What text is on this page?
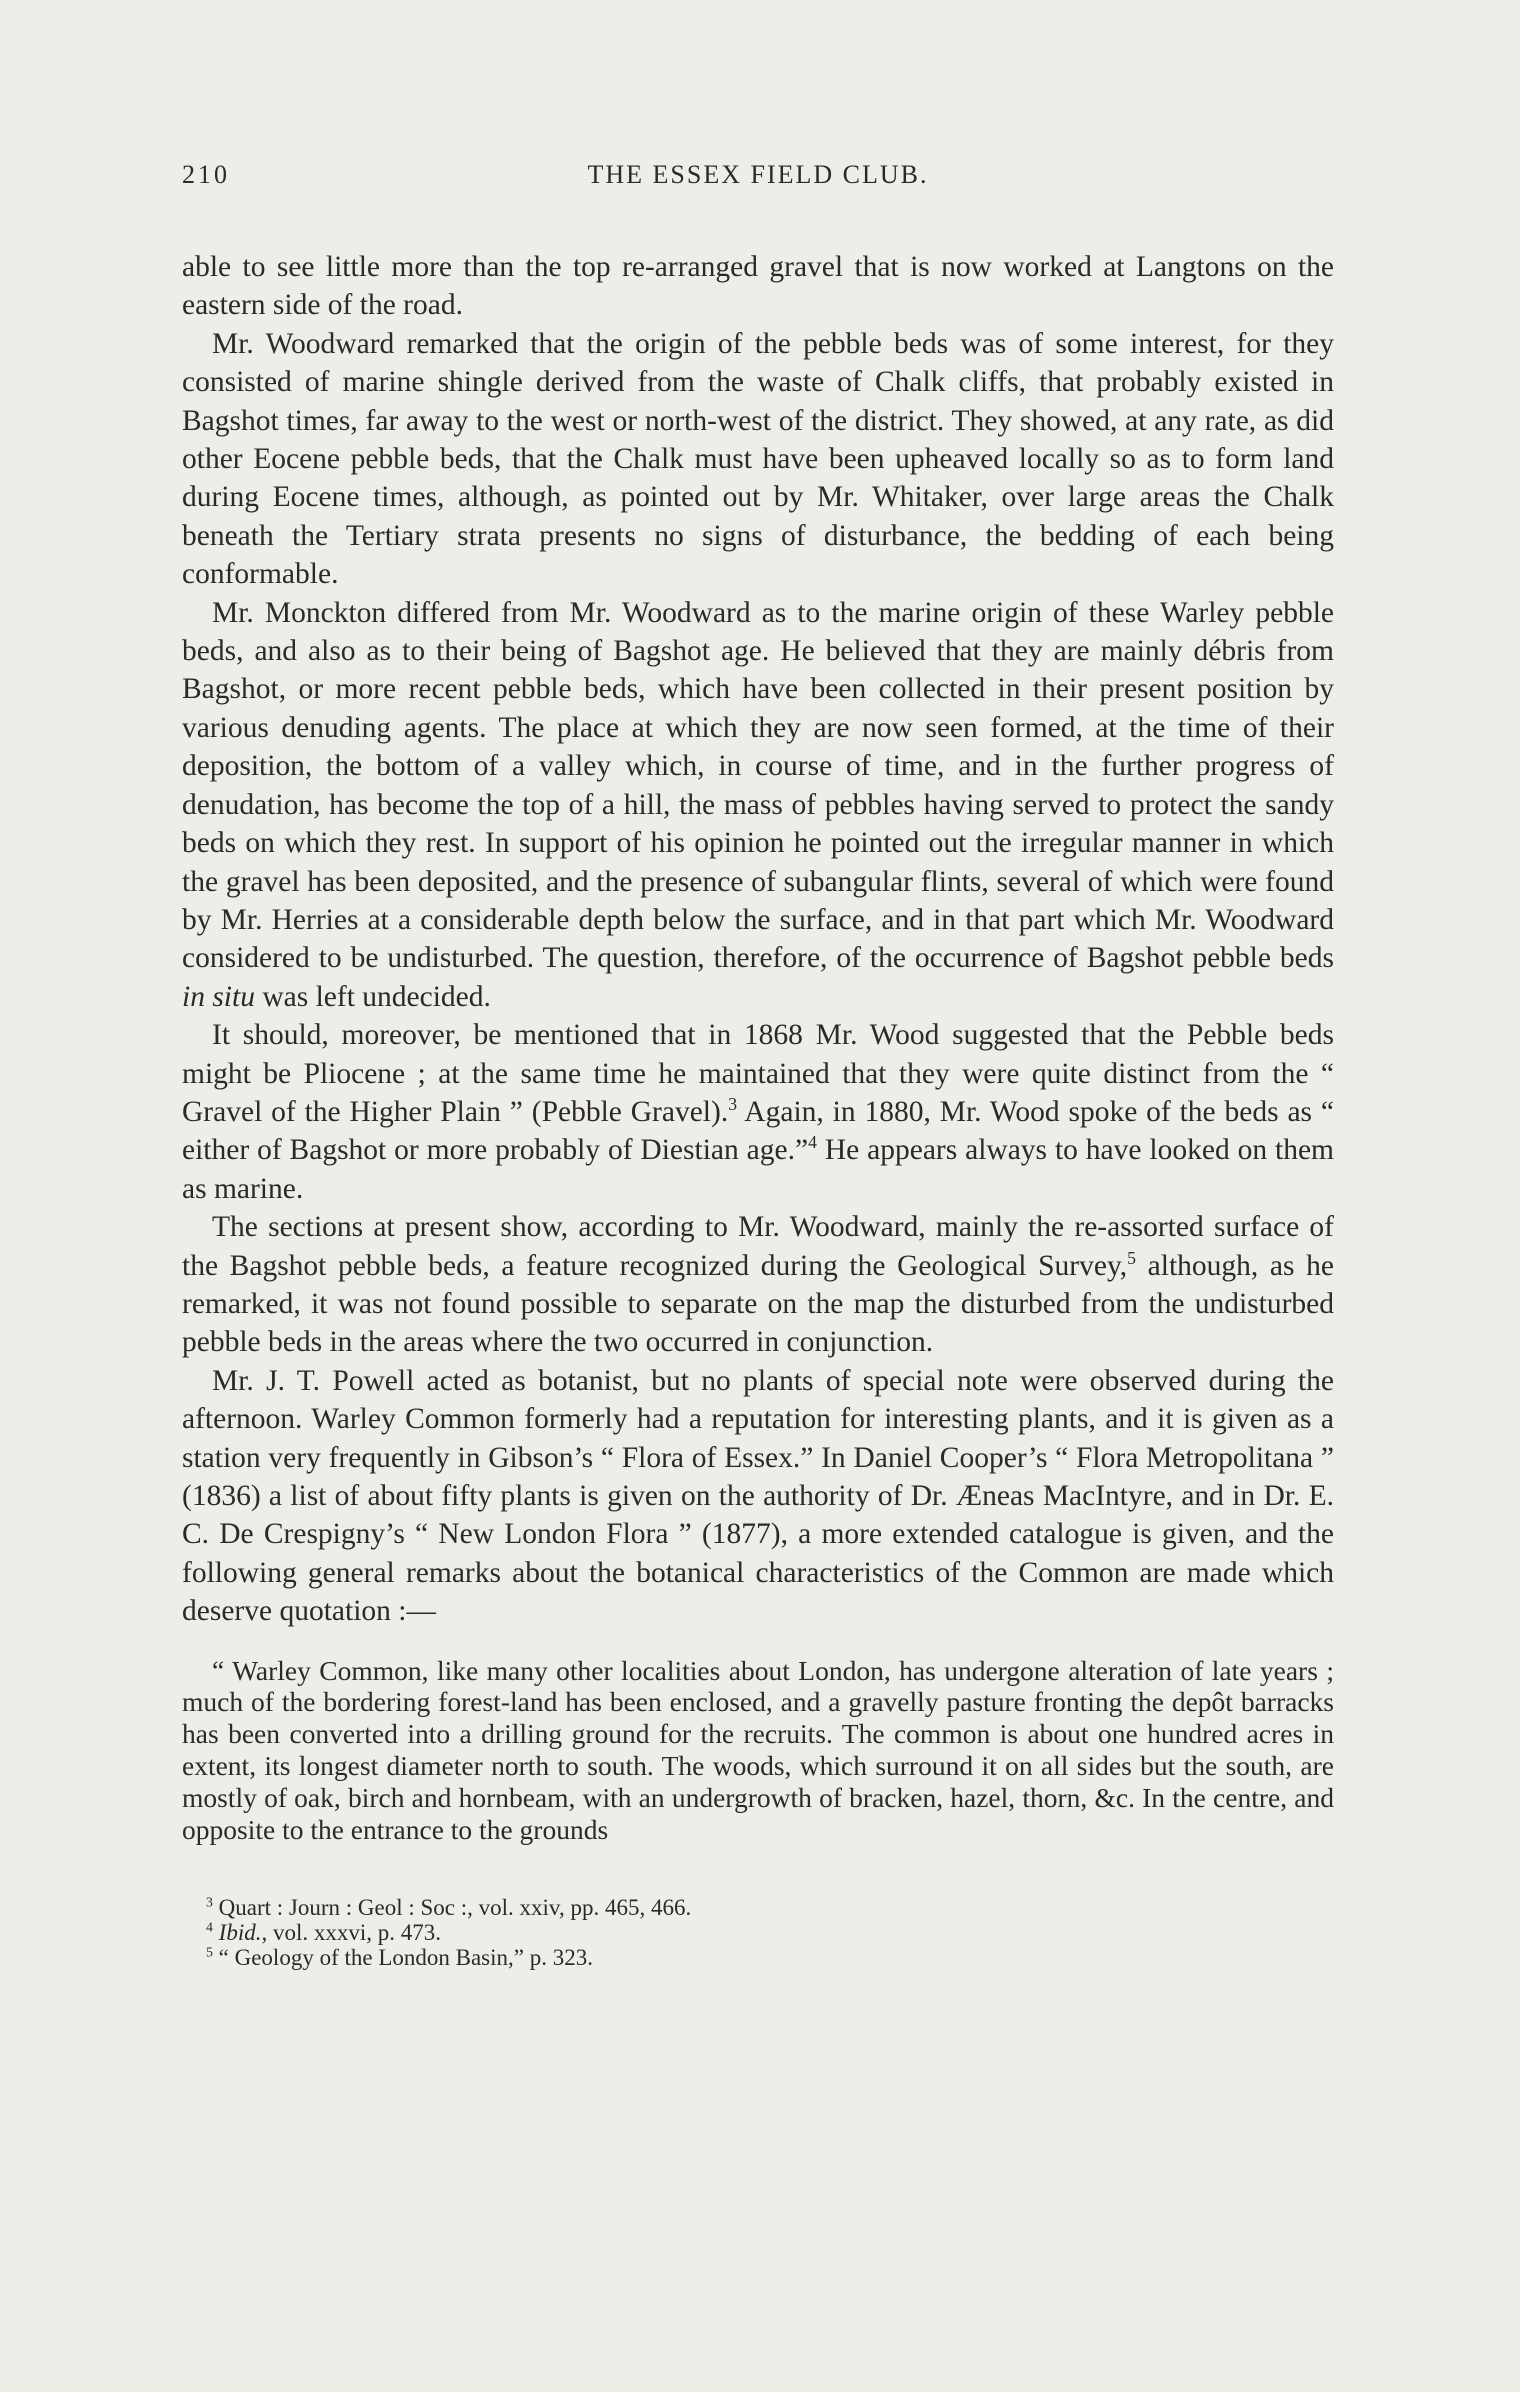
210	THE ESSEX FIELD CLUB.

able to see little more than the top re-arranged gravel that is now worked at Langtons on the eastern side of the road.

Mr. Woodward remarked that the origin of the pebble beds was of some interest, for they consisted of marine shingle derived from the waste of Chalk cliffs, that probably existed in Bagshot times, far away to the west or north-west of the district. They showed, at any rate, as did other Eocene pebble beds, that the Chalk must have been upheaved locally so as to form land during Eocene times, although, as pointed out by Mr. Whitaker, over large areas the Chalk beneath the Tertiary strata presents no signs of disturbance, the bedding of each being conformable.

Mr. Monckton differed from Mr. Woodward as to the marine origin of these Warley pebble beds, and also as to their being of Bagshot age. He believed that they are mainly débris from Bagshot, or more recent pebble beds, which have been collected in their present position by various denuding agents. The place at which they are now seen formed, at the time of their deposition, the bottom of a valley which, in course of time, and in the further progress of denudation, has become the top of a hill, the mass of pebbles having served to protect the sandy beds on which they rest. In support of his opinion he pointed out the irregular manner in which the gravel has been deposited, and the presence of subangular flints, several of which were found by Mr. Herries at a considerable depth below the surface, and in that part which Mr. Woodward considered to be undisturbed. The question, therefore, of the occurrence of Bagshot pebble beds in situ was left undecided.

It should, moreover, be mentioned that in 1868 Mr. Wood suggested that the Pebble beds might be Pliocene ; at the same time he maintained that they were quite distinct from the “ Gravel of the Higher Plain ” (Pebble Gravel).$^3$ Again, in 1880, Mr. Wood spoke of the beds as “ either of Bagshot or more probably of Diestian age.”$^4$ He appears always to have looked on them as marine.

The sections at present show, according to Mr. Woodward, mainly the re-assorted surface of the Bagshot pebble beds, a feature recognized during the Geological Survey,$^5$ although, as he remarked, it was not found possible to separate on the map the disturbed from the undisturbed pebble beds in the areas where the two occurred in conjunction.

Mr. J. T. Powell acted as botanist, but no plants of special note were observed during the afternoon. Warley Common formerly had a reputation for interesting plants, and it is given as a station very frequently in Gibson’s “ Flora of Essex.” In Daniel Cooper’s “ Flora Metropolitana ” (1836) a list of about fifty plants is given on the authority of Dr. Æneas MacIntyre, and in Dr. E. C. De Crespigny’s “ New London Flora ” (1877), a more extended catalogue is given, and the following general remarks about the botanical characteristics of the Common are made which deserve quotation :—

“ Warley Common, like many other localities about London, has undergone alteration of late years ; much of the bordering forest-land has been enclosed, and a gravelly pasture fronting the depôt barracks has been converted into a drilling ground for the recruits. The common is about one hundred acres in extent, its longest diameter north to south. The woods, which surround it on all sides but the south, are mostly of oak, birch and hornbeam, with an undergrowth of bracken, hazel, thorn, &c. In the centre, and opposite to the entrance to the grounds

$^3$ Quart : Journ : Geol : Soc :, vol. xxiv, pp. 465, 466.

$^4$ Ibid., vol. xxxvi, p. 473.

$^5$ “ Geology of the London Basin,” p. 323.
